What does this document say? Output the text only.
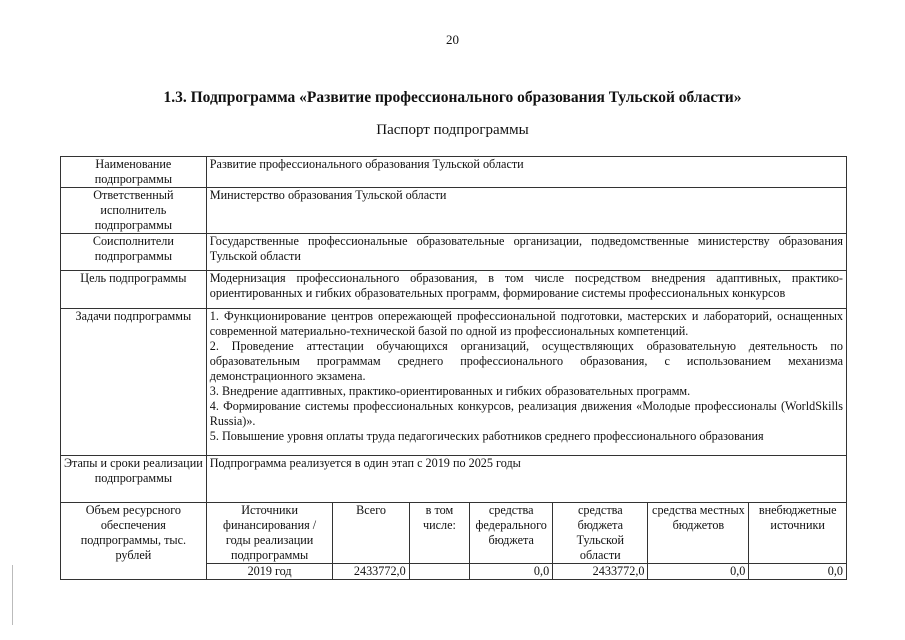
20
1.3. Подпрограмма «Развитие профессионального образования Тульской области»
Паспорт подпрограммы
Наименование подпрограммы	Развитие профессионального образования Тульской области						
Ответственный исполнитель подпрограммы	Министерство образования Тульской области						
Соисполнители подпрограммы	Государственные профессиональные образовательные организации, подведомственные министерству образования Тульской области						
Цель подпрограммы	Модернизация профессионального образования, в том числе посредством внедрения адаптивных, практико-ориентированных и гибких образовательных программ, формирование системы профессиональных конкурсов						
Задачи подпрограммы	1. Функционирование центров опережающей профессиональной подготовки, мастерских и лабораторий, оснащенных современной материально-технической базой по одной из профессиональных компетенций.

2. Проведение аттестации обучающихся организаций, осуществляющих образовательную деятельность по образовательным программам среднего профессионального образования, с использованием механизма демонстрационного экзамена.

3. Внедрение адаптивных, практико-ориентированных и гибких образовательных программ.

4. Формирование системы профессиональных конкурсов, реализация движения «Молодые профессионалы (WorldSkills Russia)».

5. Повышение уровня оплаты труда педагогических работников среднего профессионального образования						

Этапы и сроки реализации подпрограммы	Подпрограмма реализуется в один этап с 2019 по 2025 годы						
Объем ресурсного обеспечения подпрограммы, тыс. рублей	Источники финансирования / годы реализации подпрограммы	Всего	в том числе:	средства федерального бюджета	средства бюджета Тульской области	средства местных бюджетов	внебюджетные источники
	2019 год	2433772,0		0,0	2433772,0	0,0	0,0
